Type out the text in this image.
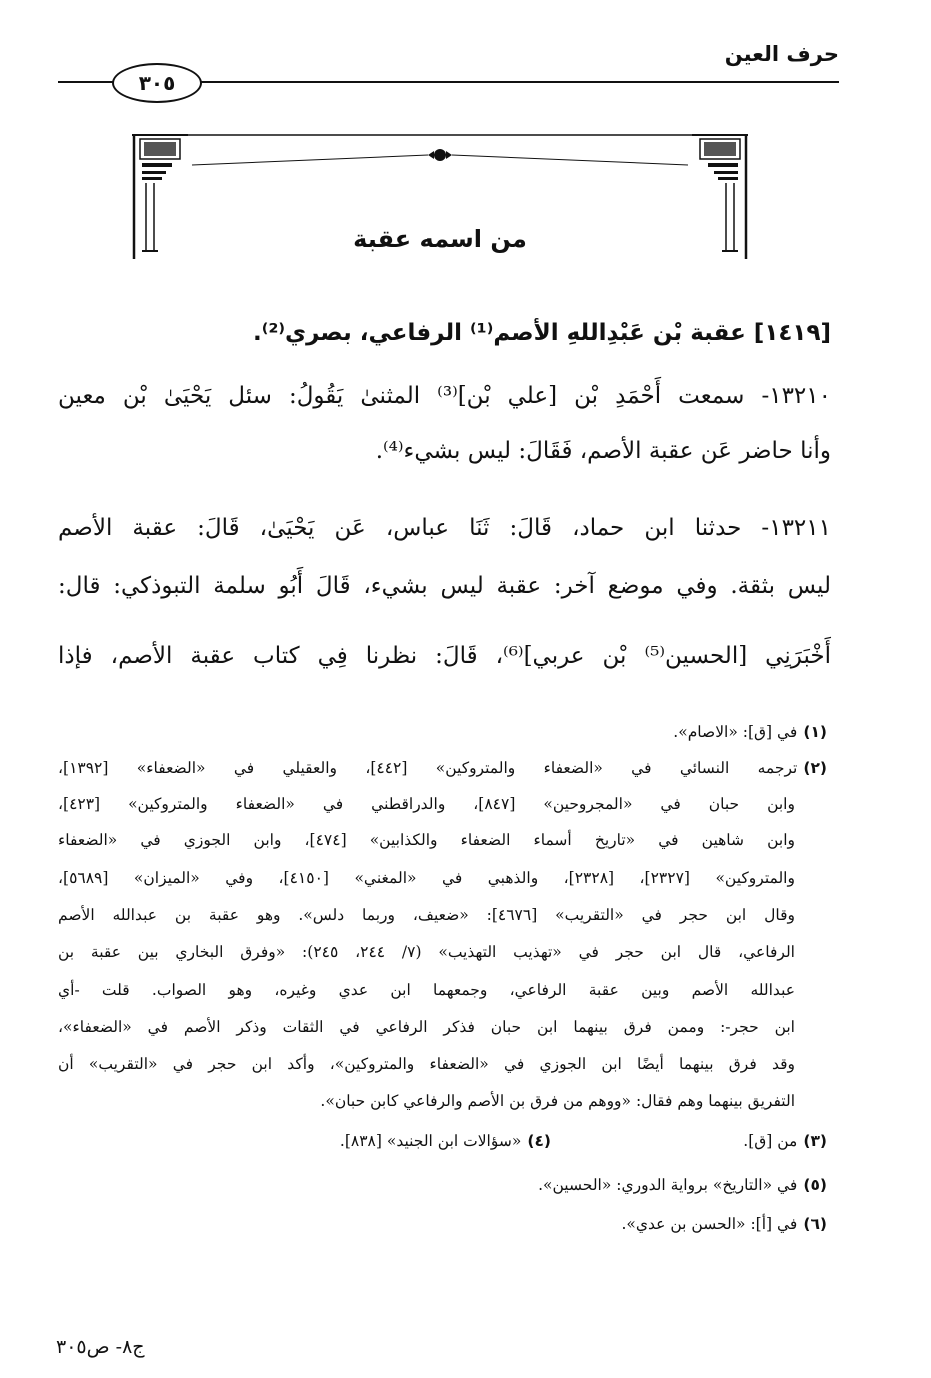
حرف العين
٣٠٥
من اسمه عقبة
[١٤١٩] عقبة بْن عَبْدِاللهِ الأصم⁽¹⁾ الرفاعي، بصري⁽²⁾.
١٣٢١٠- سمعت أَحْمَدِ بْن [علي بْن]⁽³⁾ المثنىٰ يَقُولُ: سئل يَحْيَىٰ بْن معين
وأنا حاضر عَن عقبة الأصم، فَقَالَ: ليس بشيء⁽⁴⁾.
١٣٢١١- حدثنا ابن حماد، قَالَ: ثَنَا عباس، عَن يَحْيَىٰ، قَالَ: عقبة الأصم
ليس بثقة. وفي موضع آخر: عقبة ليس بشيء، قَالَ أَبُو سلمة التبوذكي: قال:
أَخْبَرَنِي [الحسين⁽⁵⁾ بْن عربي]⁽⁶⁾، قَالَ: نظرنا فِي كتاب عقبة الأصم، فإذا
(١)في [ق]: «الاصام».
(٢)ترجمه النسائي في «الضعفاء والمتروكين» [٤٤٢]، والعقيلي في «الضعفاء» [١٣٩٢]،
وابن حبان في «المجروحين» [٨٤٧]، والدراقطني في «الضعفاء والمتروكين» [٤٢٣]،
وابن شاهين في «تاريخ أسماء الضعفاء والكذابين» [٤٧٤]، وابن الجوزي في «الضعفاء
والمتروكين» [٢٣٢٧]، [٢٣٢٨]، والذهبي في «المغني» [٤١٥٠]، وفي «الميزان» [٥٦٨٩]،
وقال ابن حجر في «التقريب» [٤٦٧٦]: «ضعيف، وربما دلس». وهو عقبة بن عبدالله الأصم
الرفاعي، قال ابن حجر في «تهذيب التهذيب» (٧/ ٢٤٤، ٢٤٥): «وفرق البخاري بين عقبة بن
عبدالله الأصم وبين عقبة الرفاعي، وجمعهما ابن عدي وغيره، وهو الصواب. قلت -أي
ابن حجر-: وممن فرق بينهما ابن حبان فذكر الرفاعي في الثقات وذكر الأصم في «الضعفاء»،
وقد فرق بينهما أيضًا ابن الجوزي في «الضعفاء والمتروكين»، وأكد ابن حجر في «التقريب» أن
التفريق بينهما وهم فقال: «ووهم من فرق بن الأصم والرفاعي كابن حبان».
(٣)من [ق].
(٤)«سؤالات ابن الجنيد» [٨٣٨].
(٥)في «التاريخ» برواية الدوري: «الحسين».
(٦)في [أ]: «الحسن بن عدي».
ج٨- ص٣٠٥
